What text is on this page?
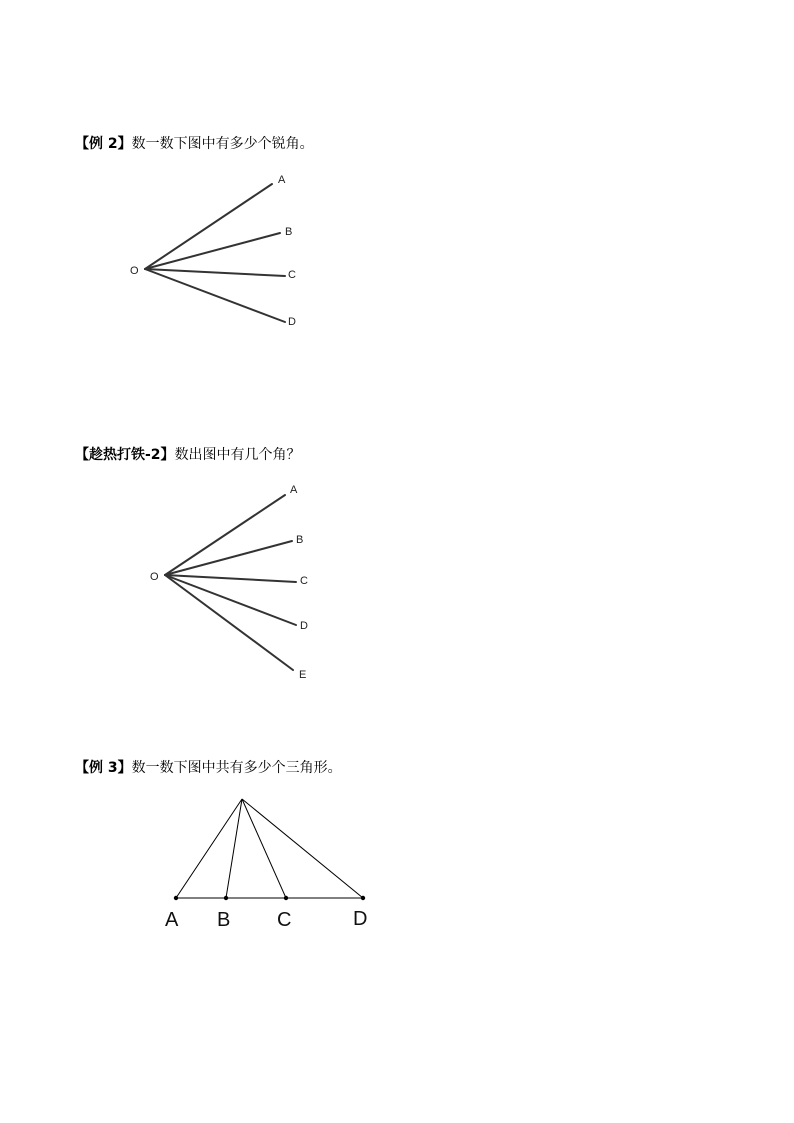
【例 2】数一数下图中有多少个锐角。
【趁热打铁-2】数出图中有几个角？
【例 3】数一数下图中共有多少个三角形。
O
A
B
C
D
O
A
B
C
D
E
A B C	D
